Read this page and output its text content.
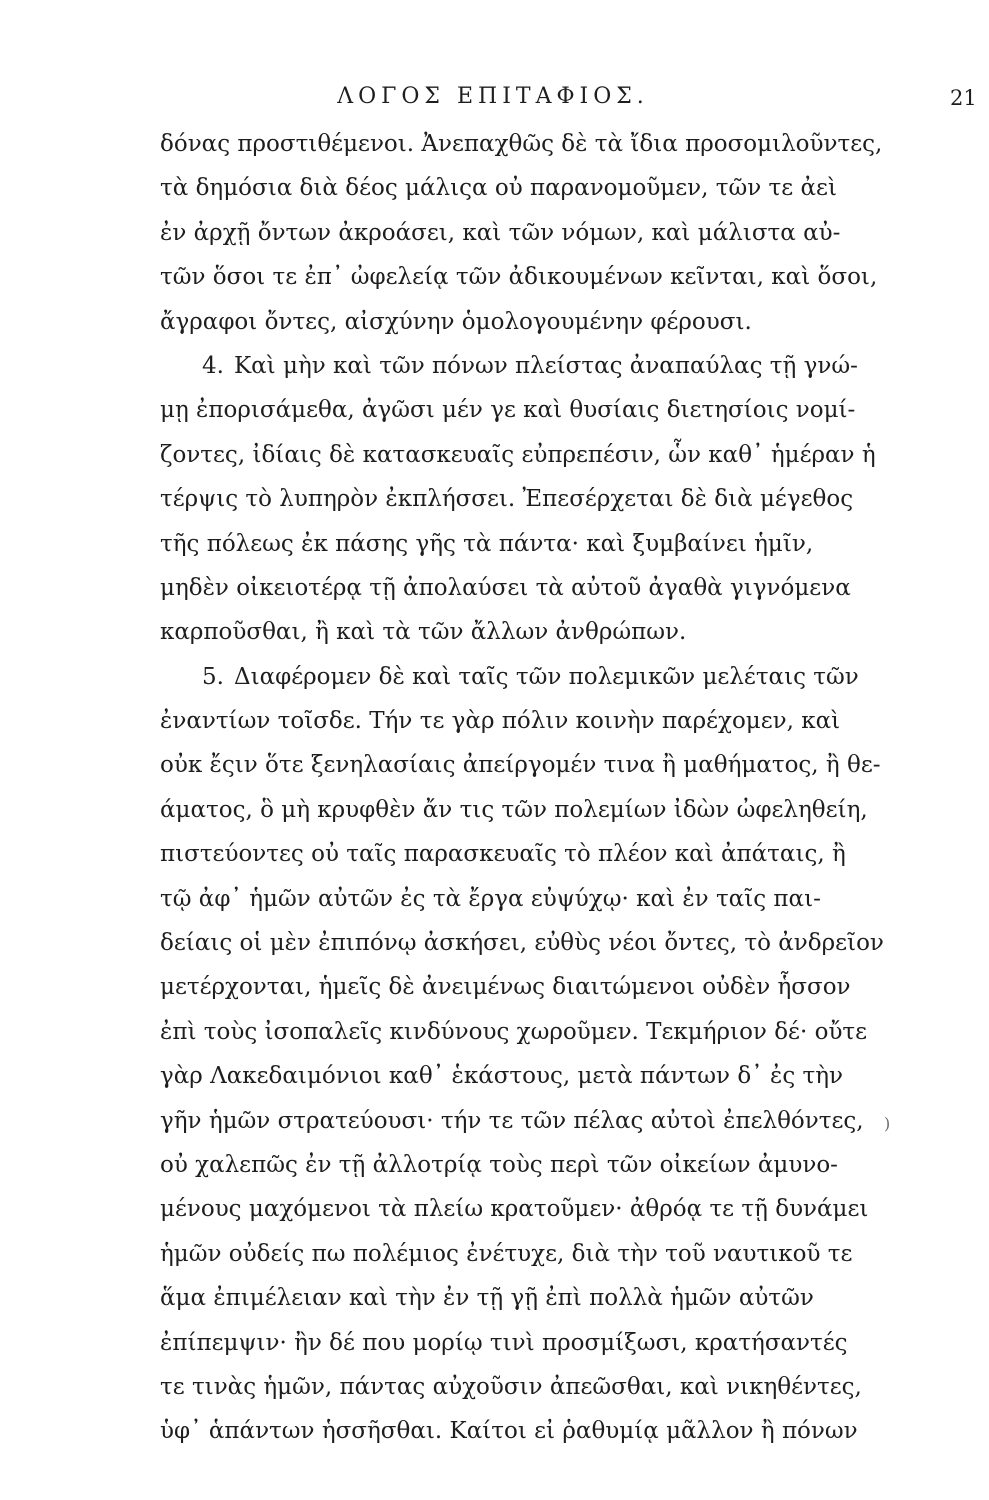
ΛΟΓΟΣ ΕΠΙΤΑΦΙΟΣ.	21
δόνας προστιθέμενοι. Ἀνεπαχθῶς δὲ τὰ ἴδια προσομιλοῦντες,
τὰ δημόσια διὰ δέος μάλιςα οὐ παρανομοῦμεν, τῶν τε ἀεὶ
ἐν ἀρχῇ ὄντων ἀκροάσει, καὶ τῶν νόμων, καὶ μάλιστα αὐ-
τῶν ὅσοι τε ἐπ᾽ ὠφελείᾳ τῶν ἀδικουμένων κεῖνται, καὶ ὅσοι,
ἄγραφοι ὄντες, αἰσχύνην ὁμολογουμένην φέρουσι.
4. Καὶ μὴν καὶ τῶν πόνων πλείστας ἀναπαύλας τῇ γνώ-
μῃ ἐπορισάμεθα, ἀγῶσι μέν γε καὶ θυσίαις διετησίοις νομί-
ζοντες, ἰδίαις δὲ κατασκευαῖς εὐπρεπέσιν, ὧν καθ᾽ ἡμέραν ἡ
τέρψις τὸ λυπηρὸν ἐκπλήσσει. Ἐπεσέρχεται δὲ διὰ μέγεθος
τῆς πόλεως ἐκ πάσης γῆς τὰ πάντα· καὶ ξυμβαίνει ἡμῖν,
μηδὲν οἰκειοτέρᾳ τῇ ἀπολαύσει τὰ αὐτοῦ ἀγαθὰ γιγνόμενα
καρποῦσθαι, ἢ καὶ τὰ τῶν ἄλλων ἀνθρώπων.
5. Διαφέρομεν δὲ καὶ ταῖς τῶν πολεμικῶν μελέταις τῶν
ἐναντίων τοῖσδε. Τήν τε γὰρ πόλιν κοινὴν παρέχομεν, καὶ
οὐκ ἔςιν ὅτε ξενηλασίαις ἀπείργομέν τινα ἢ μαθήματος, ἢ θε-
άματος, ὃ μὴ κρυφθὲν ἄν τις τῶν πολεμίων ἰδὼν ὠφεληθείη,
πιστεύοντες οὐ ταῖς παρασκευαῖς τὸ πλέον καὶ ἀπάταις, ἢ
τῷ ἀφ᾽ ἡμῶν αὐτῶν ἐς τὰ ἔργα εὐψύχῳ· καὶ ἐν ταῖς παι-
δείαις οἱ μὲν ἐπιπόνῳ ἀσκήσει, εὐθὺς νέοι ὄντες, τὸ ἀνδρεῖον
μετέρχονται, ἡμεῖς δὲ ἀνειμένως διαιτώμενοι οὐδὲν ἧσσον
ἐπὶ τοὺς ἰσοπαλεῖς κινδύνους χωροῦμεν. Τεκμήριον δέ· οὔτε
γὰρ Λακεδαιμόνιοι καθ᾽ ἑκάστους, μετὰ πάντων δ᾽ ἐς τὴν
γῆν ἡμῶν στρατεύουσι· τήν τε τῶν πέλας αὐτοὶ ἐπελθόντες,
οὐ χαλεπῶς ἐν τῇ ἀλλοτρίᾳ τοὺς περὶ τῶν οἰκείων ἀμυνο-
μένους μαχόμενοι τὰ πλείω κρατοῦμεν· ἀθρόᾳ τε τῇ δυνάμει
ἡμῶν οὐδείς πω πολέμιος ἐνέτυχε, διὰ τὴν τοῦ ναυτικοῦ τε
ἅμα ἐπιμέλειαν καὶ τὴν ἐν τῇ γῇ ἐπὶ πολλὰ ἡμῶν αὐτῶν
ἐπίπεμψιν· ἢν δέ που μορίῳ τινὶ προσμίξωσι, κρατήσαντές
τε τινὰς ἡμῶν, πάντας αὐχοῦσιν ἀπεῶσθαι, καὶ νικηθέντες,
ὑφ᾽ ἁπάντων ἡσσῆσθαι. Καίτοι εἰ ῥαθυμίᾳ μᾶλλον ἢ πόνων
)
